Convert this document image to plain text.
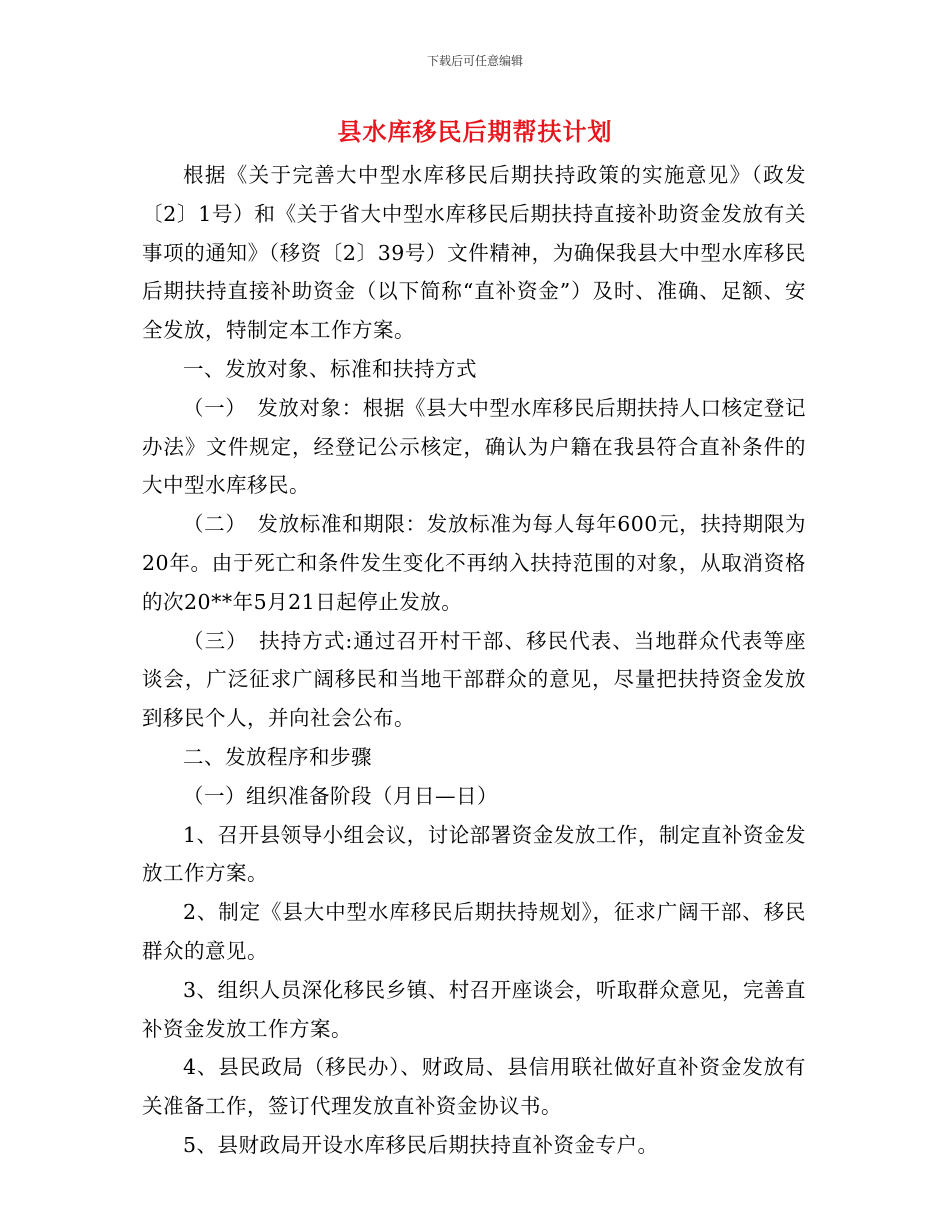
下载后可任意编辑
县水库移民后期帮扶计划

根据《关于完善大中型水库移民后期扶持政策的实施意见》（政发〔2〕1号）和《关于省大中型水库移民后期扶持直接补助资金发放有关事项的通知》（移资〔2〕39号）文件精神，为确保我县大中型水库移民后期扶持直接补助资金（以下简称“直补资金”）及时、准确、足额、安全发放，特制定本工作方案。

一、发放对象、标准和扶持方式

（一）　发放对象：根据《县大中型水库移民后期扶持人口核定登记办法》文件规定，经登记公示核定，确认为户籍在我县符合直补条件的大中型水库移民。

（二）　发放标准和期限：发放标准为每人每年600元，扶持期限为20年。由于死亡和条件发生变化不再纳入扶持范围的对象，从取消资格的次20**年5月21日起停止发放。

（三）　扶持方式:通过召开村干部、移民代表、当地群众代表等座谈会，广泛征求广阔移民和当地干部群众的意见，尽量把扶持资金发放到移民个人，并向社会公布。

二、发放程序和步骤

（一）组织准备阶段（月日—日）

1、召开县领导小组会议，讨论部署资金发放工作，制定直补资金发放工作方案。

2、制定《县大中型水库移民后期扶持规划》，征求广阔干部、移民群众的意见。

3、组织人员深化移民乡镇、村召开座谈会，听取群众意见，完善直补资金发放工作方案。

4、县民政局（移民办）、财政局、县信用联社做好直补资金发放有关准备工作，签订代理发放直补资金协议书。

5、县财政局开设水库移民后期扶持直补资金专户。
